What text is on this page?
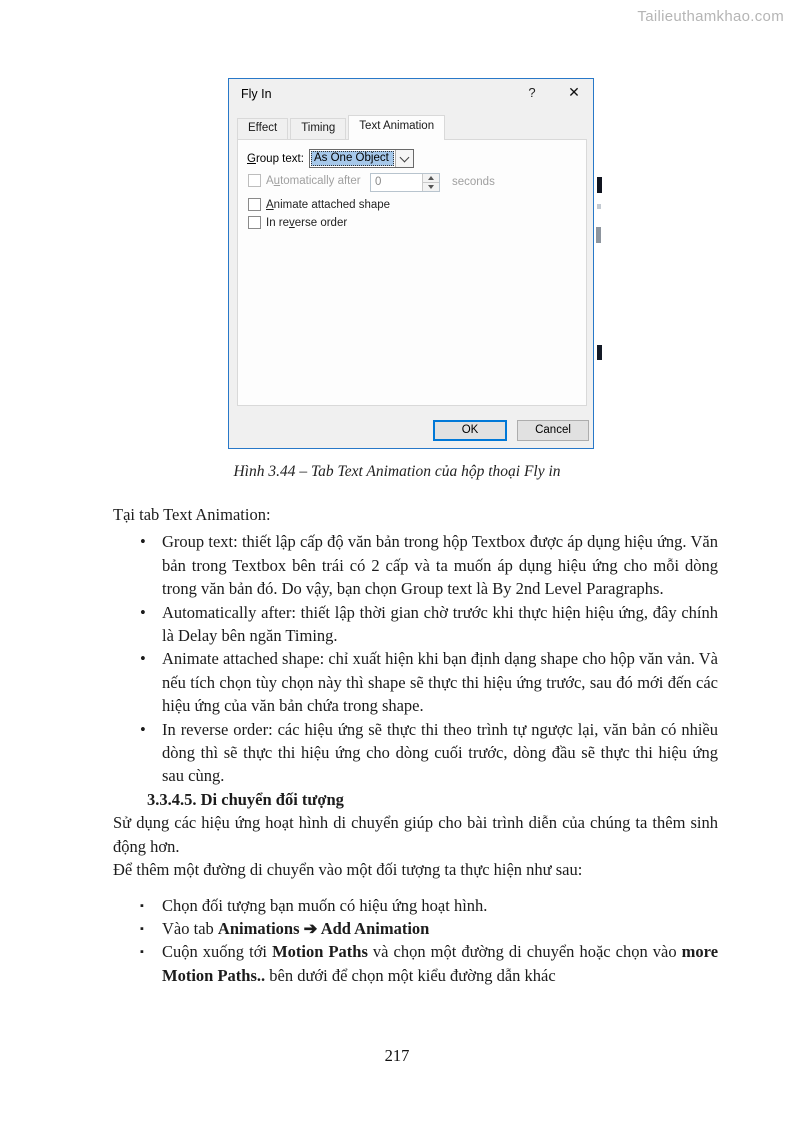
Tailieuthamkhao.com
Fly In	?	✕
Effect	Timing	Text Animation
Group text: As One Object
Automatically after	0	seconds
Animate attached shape
In reverse order
OK	Cancel
Hình 3.44 – Tab Text Animation của hộp thoại Fly in

Tại tab Text Animation:

• Group text: thiết lập cấp độ văn bản trong hộp Textbox được áp dụng hiệu ứng. Văn bản trong Textbox bên trái có 2 cấp và ta muốn áp dụng hiệu ứng cho mỗi dòng trong văn bản đó. Do vậy, bạn chọn Group text là By 2nd Level Paragraphs.
• Automatically after: thiết lập thời gian chờ trước khi thực hiện hiệu ứng, đây chính là Delay bên ngăn Timing.
• Animate attached shape: chỉ xuất hiện khi bạn định dạng shape cho hộp văn vản. Và nếu tích chọn tùy chọn này thì shape sẽ thực thi hiệu ứng trước, sau đó mới đến các hiệu ứng của văn bản chứa trong shape.
• In reverse order: các hiệu ứng sẽ thực thi theo trình tự ngược lại, văn bản có nhiều dòng thì sẽ thực thi hiệu ứng cho dòng cuối trước, dòng đầu sẽ thực thi hiệu ứng sau cùng.

3.3.4.5. Di chuyển đối tượng

Sử dụng các hiệu ứng hoạt hình di chuyển giúp cho bài trình diễn của chúng ta thêm sinh động hơn.

Để thêm một đường di chuyển vào một đối tượng ta thực hiện như sau:

▪ Chọn đối tượng bạn muốn có hiệu ứng hoạt hình.
▪ Vào tab Animations ➔ Add Animation
▪ Cuộn xuống tới Motion Paths và chọn một đường di chuyển hoặc chọn vào more Motion Paths.. bên dưới để chọn một kiểu đường dẫn khác
217
